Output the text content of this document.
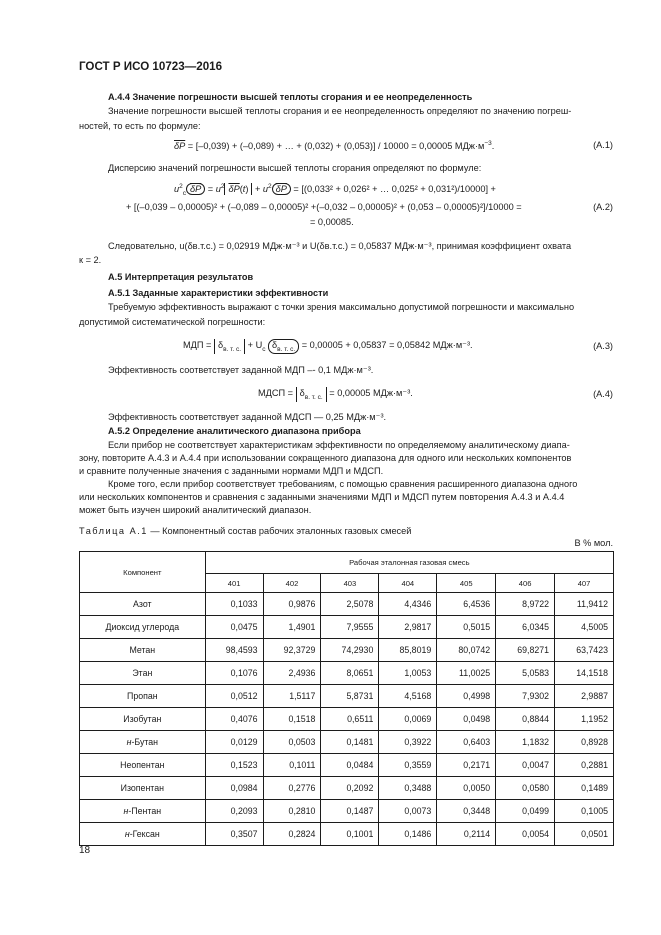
ГОСТ Р ИСО 10723—2016
А.4.4 Значение погрешности высшей теплоты сгорания и ее неопределенность
Значение погрешности высшей теплоты сгорания и ее неопределенность определяют по значению погреш-
ностей, то есть по формуле:
$\overline{\delta P} = [-0,039) + (-0,089)$ + … + (0,032) + (0,053)] / 10000 = 0,00005 $МДж\cdot м^{-3}$.	(А.1)
Дисперсию значений погрешности высшей теплоты сгорания определяют по формуле:
$u^2_c$ $\overline{\delta P} = u^2$ $\overline{\delta P}(t) + u^2$ $\overline{\delta P} = [(0,033^2 + 0,026^2$ + … 0,025² + 0,031²)/10000] +
+ [(–0,039 – 0,00005)² + (–0,089 – 0,00005)² +(–0,032 – 0,00005)² + (0,053 – 0,00005)²]/10000 =
= 0,00085.
(А.2)
Следовательно, u(δв.т.с.) = 0,02919 МДж·м⁻³ и U(δв.т.с.) = 0,05837 МДж·м⁻³, принимая коэффициент охвата
к = 2.
А.5 Интерпретация результатов
А.5.1 Заданные характеристики эффективности
Требуемую эффективность выражают с точки зрения максимально допустимой погрешности и максимально
допустимой систематической погрешности:
МДП = $\delta_{в. т. с.} + U_c$ $\delta_{в. т. с.} = 0,00005 + 0,05837 = 0,05842$ МДж·м⁻³.	(А.3)
Эффективность соответствует заданной МДП –- 0,1 МДж·м⁻³.
МДСП = $\delta_{в. т. с.} = 0,00005$ МДж·м⁻³.	(А.4)
Эффективность соответствует заданной МДСП — 0,25 МДж·м⁻³.
А.5.2 Определение аналитического диапазона прибора
Если прибор не соответствует характеристикам эффективности по определяемому аналитическому диапа-
зону, повторите А.4.3 и А.4.4 при использовании сокращенного диапазона для одного или нескольких компонентов
и сравните полученные значения с заданными нормами МДП и МДСП.
Кроме того, если прибор соответствует требованиям, с помощью сравнения расширенного диапазона одного
или нескольких компонентов и сравнения с заданными значениями МДП и МДСП путем повторения А.4.3 и А.4.4
может быть изучен широкий аналитический диапазон.
Таблица А.1 — Компонентный состав рабочих эталонных газовых смесей
В % мол.
Компонент	Рабочая эталонная газовая смесь						
	401	402	403	404	405	406	407
Азот	0,1033	0,9876	2,5078	4,4346	6,4536	8,9722	11,9412
Диоксид углерода	0,0475	1,4901	7,9555	2,9817	0,5015	6,0345	4,5005
Метан	98,4593	92,3729	74,2930	85,8019	80,0742	69,8271	63,7423
Этан	0,1076	2,4936	8,0651	1,0053	11,0025	5,0583	14,1518
Пропан	0,0512	1,5117	5,8731	4,5168	0,4998	7,9302	2,9887
Изобутан	0,4076	0,1518	0,6511	0,0069	0,0498	0,8844	1,1952
н-Бутан	0,0129	0,0503	0,1481	0,3922	0,6403	1,1832	0,8928
Неопентан	0,1523	0,1011	0,0484	0,3559	0,2171	0,0047	0,2881
Изопентан	0,0984	0,2776	0,2092	0,3488	0,0050	0,0580	0,1489
н-Пентан	0,2093	0,2810	0,1487	0,0073	0,3448	0,0499	0,1005
н-Гексан	0,3507	0,2824	0,1001	0,1486	0,2114	0,0054	0,0501
18
